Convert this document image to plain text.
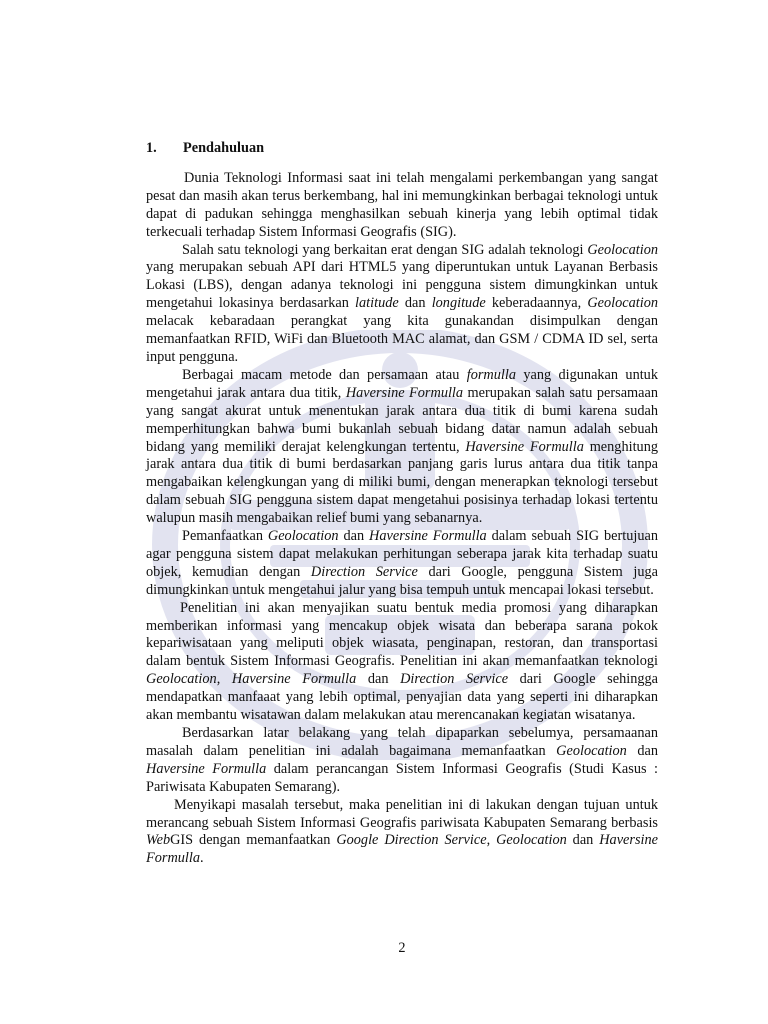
1.	Pendahuluan

Dunia Teknologi Informasi saat ini telah mengalami perkembangan yang sangat pesat dan masih akan terus berkembang, hal ini memungkinkan berbagai teknologi untuk dapat di padukan sehingga menghasilkan sebuah kinerja yang lebih optimal tidak terkecuali terhadap Sistem Informasi Geografis (SIG).

Salah satu teknologi yang berkaitan erat dengan SIG adalah teknologi Geolocation yang merupakan sebuah API dari HTML5 yang diperuntukan untuk Layanan Berbasis Lokasi (LBS), dengan adanya teknologi ini pengguna sistem dimungkinkan untuk mengetahui lokasinya berdasarkan latitude dan longitude keberadaannya, Geolocation melacak kebaradaan perangkat yang kita gunakandan disimpulkan dengan memanfaatkan RFID, WiFi dan Bluetooth MAC alamat, dan GSM / CDMA ID sel, serta input pengguna.

Berbagai macam metode dan persamaan atau formulla yang digunakan untuk mengetahui jarak antara dua titik, Haversine Formulla merupakan salah satu persamaan yang sangat akurat untuk menentukan jarak antara dua titik di bumi karena sudah memperhitungkan bahwa bumi bukanlah sebuah bidang datar namun adalah sebuah bidang yang memiliki derajat kelengkungan tertentu, Haversine Formulla menghitung jarak antara dua titik di bumi berdasarkan panjang garis lurus antara dua titik tanpa mengabaikan kelengkungan yang di miliki bumi, dengan menerapkan teknologi tersebut dalam sebuah SIG pengguna sistem dapat mengetahui posisinya terhadap lokasi tertentu walupun masih mengabaikan relief bumi yang sebanarnya.

Pemanfaatkan Geolocation dan Haversine Formulla dalam sebuah SIG bertujuan agar pengguna sistem dapat melakukan perhitungan seberapa jarak kita terhadap suatu objek, kemudian dengan Direction Service dari Google, pengguna Sistem juga dimungkinkan untuk mengetahui jalur yang bisa tempuh untuk mencapai lokasi tersebut.

Penelitian ini akan menyajikan suatu bentuk media promosi yang diharapkan memberikan informasi yang mencakup objek wisata dan beberapa sarana pokok kepariwisataan yang meliputi objek wiasata, penginapan, restoran, dan transportasi dalam bentuk Sistem Informasi Geografis. Penelitian ini akan memanfaatkan teknologi Geolocation, Haversine Formulla dan Direction Service dari Google sehingga mendapatkan manfaaat yang lebih optimal, penyajian data yang seperti ini diharapkan akan membantu wisatawan dalam melakukan atau merencanakan kegiatan wisatanya.

Berdasarkan latar belakang yang telah dipaparkan sebelumya, persamaanan masalah dalam penelitian ini adalah bagaimana memanfaatkan Geolocation dan Haversine Formulla dalam perancangan Sistem Informasi Geografis (Studi Kasus : Pariwisata Kabupaten Semarang).

Menyikapi masalah tersebut, maka penelitian ini di lakukan dengan tujuan untuk merancang sebuah Sistem Informasi Geografis pariwisata Kabupaten Semarang berbasis WebGIS dengan memanfaatkan Google Direction Service, Geolocation dan Haversine Formulla.

2
